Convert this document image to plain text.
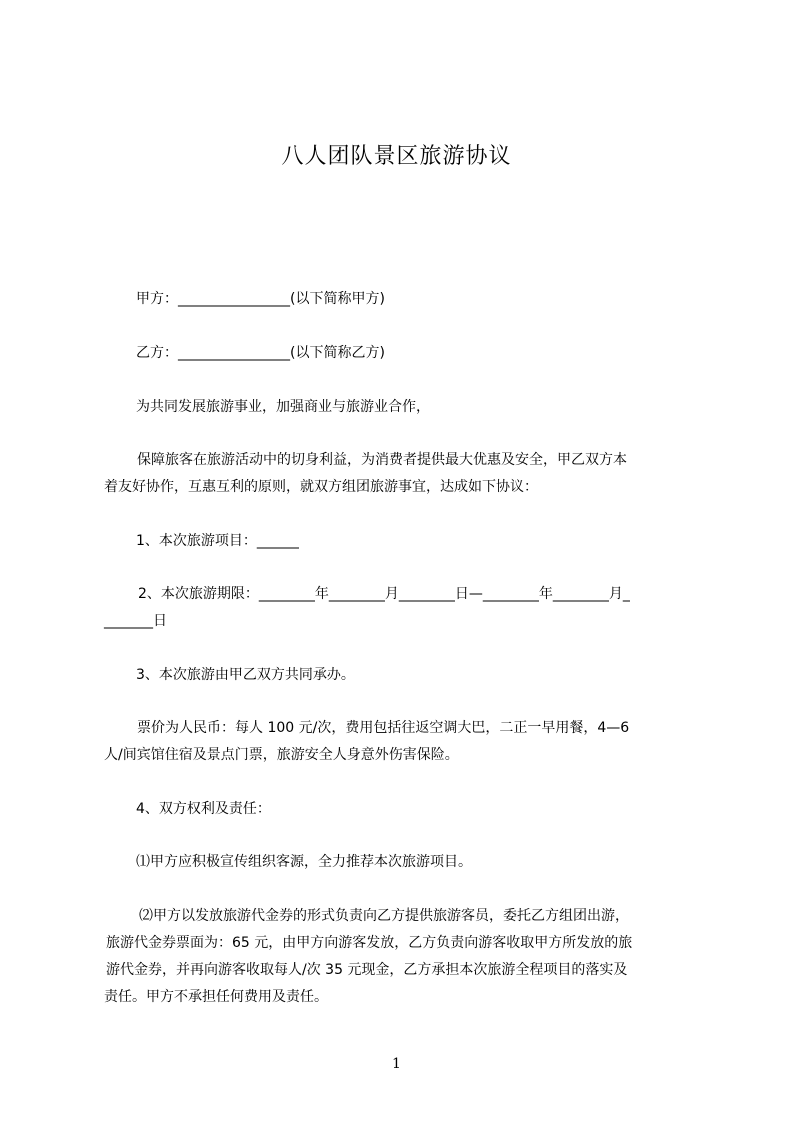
八人团队景区旅游协议
甲方：________________(以下简称甲方)
乙方：________________(以下简称乙方)
为共同发展旅游事业，加强商业与旅游业合作，
保障旅客在旅游活动中的切身利益，为消费者提供最大优惠及安全，甲乙双方本
着友好协作，互惠互利的原则，就双方组团旅游事宜，达成如下协议：
1、本次旅游项目：______
2、本次旅游期限：________年________月________日—________年________月_
_______日
3、本次旅游由甲乙双方共同承办。
票价为人民币：每人 100 元/次，费用包括往返空调大巴，二正一早用餐，4—6
人/间宾馆住宿及景点门票，旅游安全人身意外伤害保险。
4、双方权利及责任：
⑴甲方应积极宣传组织客源，全力推荐本次旅游项目。
⑵甲方以发放旅游代金券的形式负责向乙方提供旅游客员，委托乙方组团出游，
旅游代金券票面为：65 元，由甲方向游客发放，乙方负责向游客收取甲方所发放的旅
游代金券，并再向游客收取每人/次 35 元现金，乙方承担本次旅游全程项目的落实及
责任。甲方不承担任何费用及责任。
1
